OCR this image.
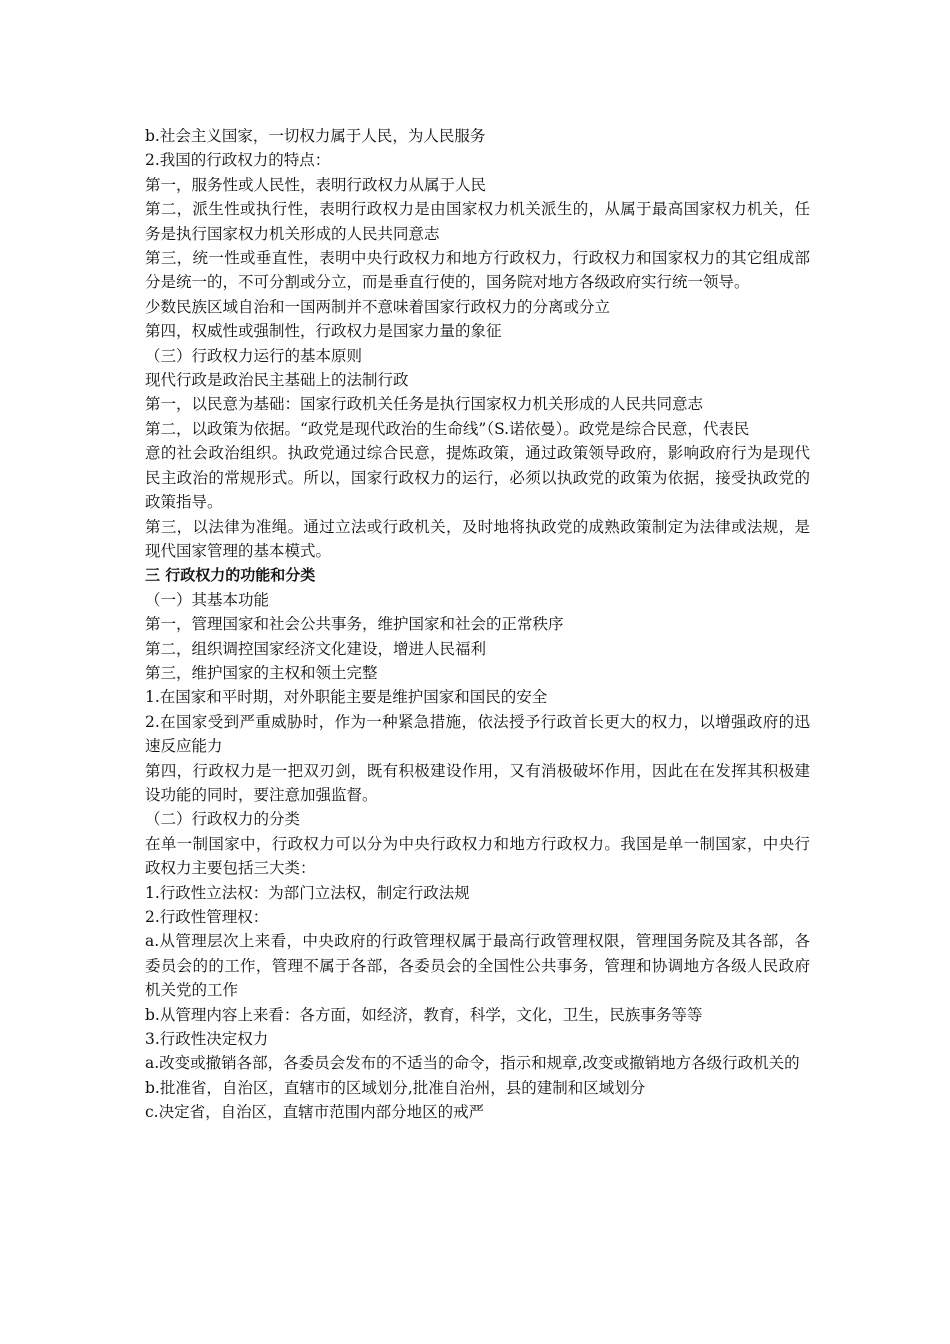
b.社会主义国家，一切权力属于人民，为人民服务

2.我国的行政权力的特点：

第一，服务性或人民性，表明行政权力从属于人民

第二，派生性或执行性，表明行政权力是由国家权力机关派生的，从属于最高国家权力机关，任务是执行国家权力机关形成的人民共同意志

第三，统一性或垂直性，表明中央行政权力和地方行政权力，行政权力和国家权力的其它组成部分是统一的，不可分割或分立，而是垂直行使的，国务院对地方各级政府实行统一领导。

少数民族区域自治和一国两制并不意味着国家行政权力的分离或分立

第四，权威性或强制性，行政权力是国家力量的象征

（三）行政权力运行的基本原则

现代行政是政治民主基础上的法制行政

第一，以民意为基础：国家行政机关任务是执行国家权力机关形成的人民共同意志

第二，以政策为依据。“政党是现代政治的生命线”（S.诺依曼）。政党是综合民意，代表民

意的社会政治组织。执政党通过综合民意，提炼政策，通过政策领导政府，影响政府行为是现代民主政治的常规形式。所以，国家行政权力的运行，必须以执政党的政策为依据，接受执政党的政策指导。

第三，以法律为准绳。通过立法或行政机关，及时地将执政党的成熟政策制定为法律或法规，是现代国家管理的基本模式。

三 行政权力的功能和分类

（一）其基本功能

第一，管理国家和社会公共事务，维护国家和社会的正常秩序

第二，组织调控国家经济文化建设，增进人民福利

第三，维护国家的主权和领土完整

1.在国家和平时期，对外职能主要是维护国家和国民的安全

2.在国家受到严重威胁时，作为一种紧急措施，依法授予行政首长更大的权力，以增强政府的迅速反应能力

第四，行政权力是一把双刃剑，既有积极建设作用，又有消极破坏作用，因此在在发挥其积极建设功能的同时，要注意加强监督。

（二）行政权力的分类

在单一制国家中，行政权力可以分为中央行政权力和地方行政权力。我国是单一制国家，中央行政权力主要包括三大类：

1.行政性立法权：为部门立法权，制定行政法规

2.行政性管理权：

a.从管理层次上来看，中央政府的行政管理权属于最高行政管理权限，管理国务院及其各部，各委员会的的工作，管理不属于各部，各委员会的全国性公共事务，管理和协调地方各级人民政府机关党的工作

b.从管理内容上来看：各方面，如经济，教育，科学，文化，卫生，民族事务等等

3.行政性决定权力

a.改变或撤销各部，各委员会发布的不适当的命令，指示和规章,改变或撤销地方各级行政机关的

b.批准省，自治区，直辖市的区域划分,批准自治州，县的建制和区域划分

c.决定省，自治区，直辖市范围内部分地区的戒严
